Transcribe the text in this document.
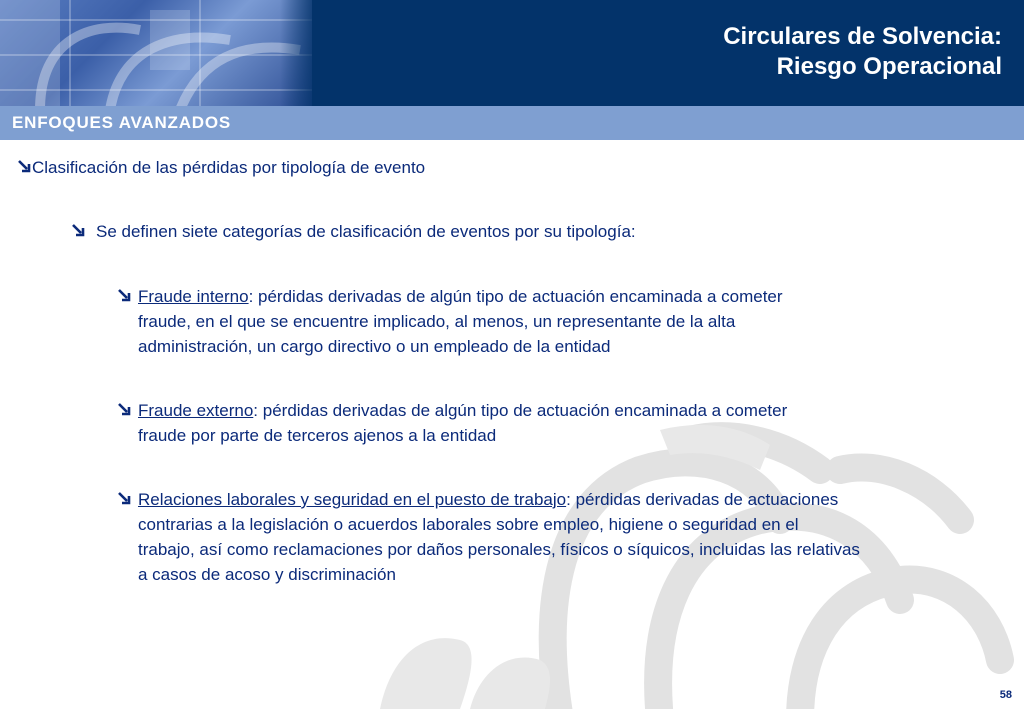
Circulares de Solvencia:
Riesgo Operacional
ENFOQUES AVANZADOS
Clasificación de las pérdidas por tipología de evento
Se definen siete categorías de clasificación de eventos por su tipología:
Fraude interno: pérdidas derivadas de algún tipo de actuación encaminada a cometer
fraude, en el que se encuentre implicado, al menos, un representante de la alta
administración, un cargo directivo o un empleado de la entidad
Fraude externo: pérdidas derivadas de algún tipo de actuación encaminada a cometer
fraude por parte de terceros ajenos a la entidad
Relaciones laborales y seguridad en el puesto de trabajo: pérdidas derivadas de actuaciones
contrarias a la legislación o acuerdos laborales sobre empleo, higiene o seguridad en el
trabajo, así como reclamaciones por daños personales, físicos o síquicos, incluidas las relativas
a casos de acoso y discriminación
58
